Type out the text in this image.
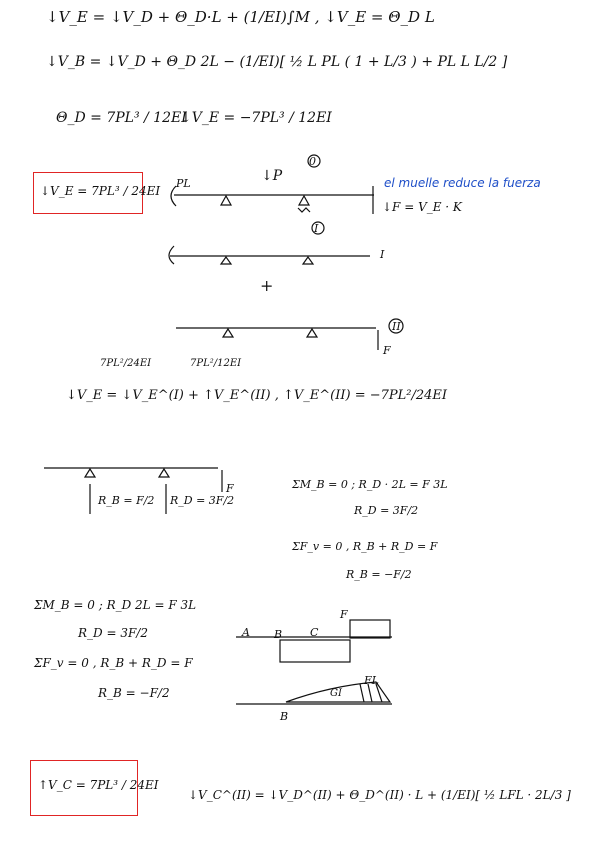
↓V_E = ↓V_D + Θ_D·L + (1/EI)∫M , ↓V_E = Θ_D L
↓V_B = ↓V_D + Θ_D 2L − (1/EI)[ ½ L PL ( 1 + L/3 ) + PL L L/2 ]
Θ_D = 7PL³ / 12EI
↓V_E = −7PL³ / 12EI
↓V_E = 7PL³ / 24EI
PL	↓P
0
el muelle reduce la fuerza
↓F = V_E · K
I
I
+
II
F
7PL²/24EI	7PL²/12EI
↓V_E = ↓V_E^(I) + ↑V_E^(II) , ↑V_E^(II) = −7PL²/24EI
R_B = F/2 R_D = 3F/2
F	ΣM_B = 0 ; R_D · 2L = F 3L
R_D = 3F/2
ΣF_v = 0 , R_B + R_D = F
R_B = −F/2
ΣM_B = 0 ; R_D 2L = F 3L
R_D = 3F/2
ΣF_v = 0 , R_B + R_D = F
R_B = −F/2
A B	C
F
FL
GI
B
↑V_C = 7PL³ / 24EI
↓V_C^(II) = ↓V_D^(II) + Θ_D^(II) · L + (1/EI)[ ½ LFL · 2L/3 ]
